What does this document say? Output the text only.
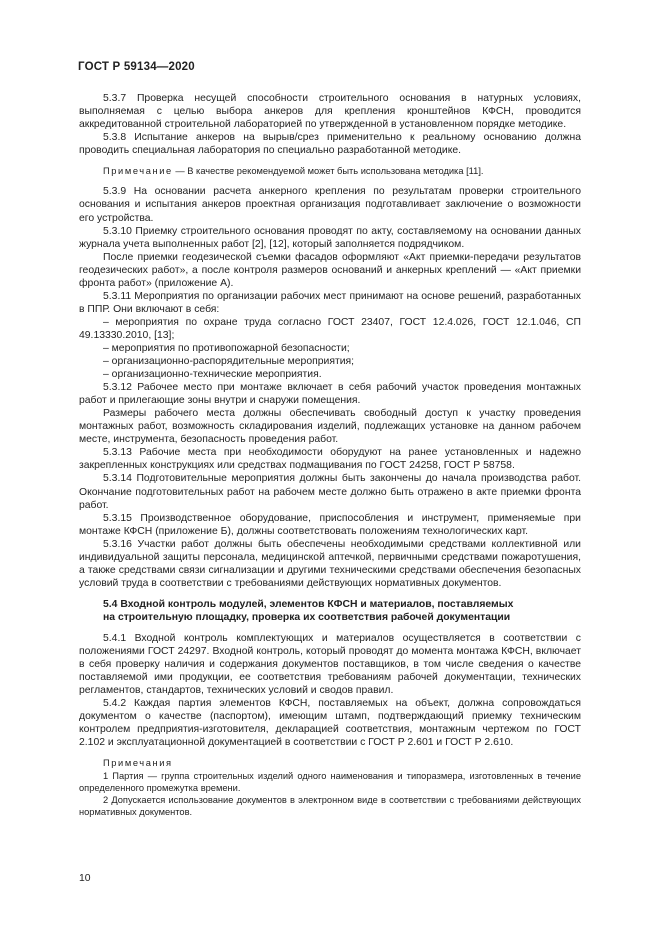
ГОСТ Р 59134—2020

5.3.7 Проверка несущей способности строительного основания в натурных условиях, выполняемая с целью выбора анкеров для крепления кронштейнов КФСН, проводится аккредитованной строительной лабораторией по утвержденной в установленном порядке методике.

5.3.8 Испытание анкеров на вырыв/срез применительно к реальному основанию должна проводить специальная лаборатория по специально разработанной методике.

Примечание — В качестве рекомендуемой может быть использована методика [11].

5.3.9 На основании расчета анкерного крепления по результатам проверки строительного основания и испытания анкеров проектная организация подготавливает заключение о возможности его устройства.

5.3.10 Приемку строительного основания проводят по акту, составляемому на основании данных журнала учета выполненных работ [2], [12], который заполняется подрядчиком.

После приемки геодезической съемки фасадов оформляют «Акт приемки-передачи результатов геодезических работ», а после контроля размеров оснований и анкерных креплений — «Акт приемки фронта работ» (приложение А).

5.3.11 Мероприятия по организации рабочих мест принимают на основе решений, разработанных в ППР. Они включают в себя:

– мероприятия по охране труда согласно ГОСТ 23407, ГОСТ 12.4.026, ГОСТ 12.1.046, СП 49.13330.2010, [13];

– мероприятия по противопожарной безопасности;

– организационно-распорядительные мероприятия;

– организационно-технические мероприятия.

5.3.12 Рабочее место при монтаже включает в себя рабочий участок проведения монтажных работ и прилегающие зоны внутри и снаружи помещения.

Размеры рабочего места должны обеспечивать свободный доступ к участку проведения монтажных работ, возможность складирования изделий, подлежащих установке на данном рабочем месте, инструмента, безопасность проведения работ.

5.3.13 Рабочие места при необходимости оборудуют на ранее установленных и надежно закрепленных конструкциях или средствах подмащивания по ГОСТ 24258, ГОСТ Р 58758.

5.3.14 Подготовительные мероприятия должны быть закончены до начала производства работ. Окончание подготовительных работ на рабочем месте должно быть отражено в акте приемки фронта работ.

5.3.15 Производственное оборудование, приспособления и инструмент, применяемые при монтаже КФСН (приложение Б), должны соответствовать положениям технологических карт.

5.3.16 Участки работ должны быть обеспечены необходимыми средствами коллективной или индивидуальной защиты персонала, медицинской аптечкой, первичными средствами пожаротушения, а также средствами связи сигнализации и другими техническими средствами обеспечения безопасных условий труда в соответствии с требованиями действующих нормативных документов.

5.4 Входной контроль модулей, элементов КФСН и материалов, поставляемых
на строительную площадку, проверка их соответствия рабочей документации

5.4.1 Входной контроль комплектующих и материалов осуществляется в соответствии с положениями ГОСТ 24297. Входной контроль, который проводят до момента монтажа КФСН, включает в себя проверку наличия и содержания документов поставщиков, в том числе сведения о качестве поставляемой ими продукции, ее соответствия требованиям рабочей документации, технических регламентов, стандартов, технических условий и сводов правил.

5.4.2 Каждая партия элементов КФСН, поставляемых на объект, должна сопровождаться документом о качестве (паспортом), имеющим штамп, подтверждающий приемку техническим контролем предприятия-изготовителя, декларацией соответствия, монтажным чертежом по ГОСТ 2.102 и эксплуатационной документацией в соответствии с ГОСТ Р 2.601 и ГОСТ Р 2.610.

Примечания

1 Партия — группа строительных изделий одного наименования и типоразмера, изготовленных в течение определенного промежутка времени.

2 Допускается использование документов в электронном виде в соответствии с требованиями действующих нормативных документов.

10
